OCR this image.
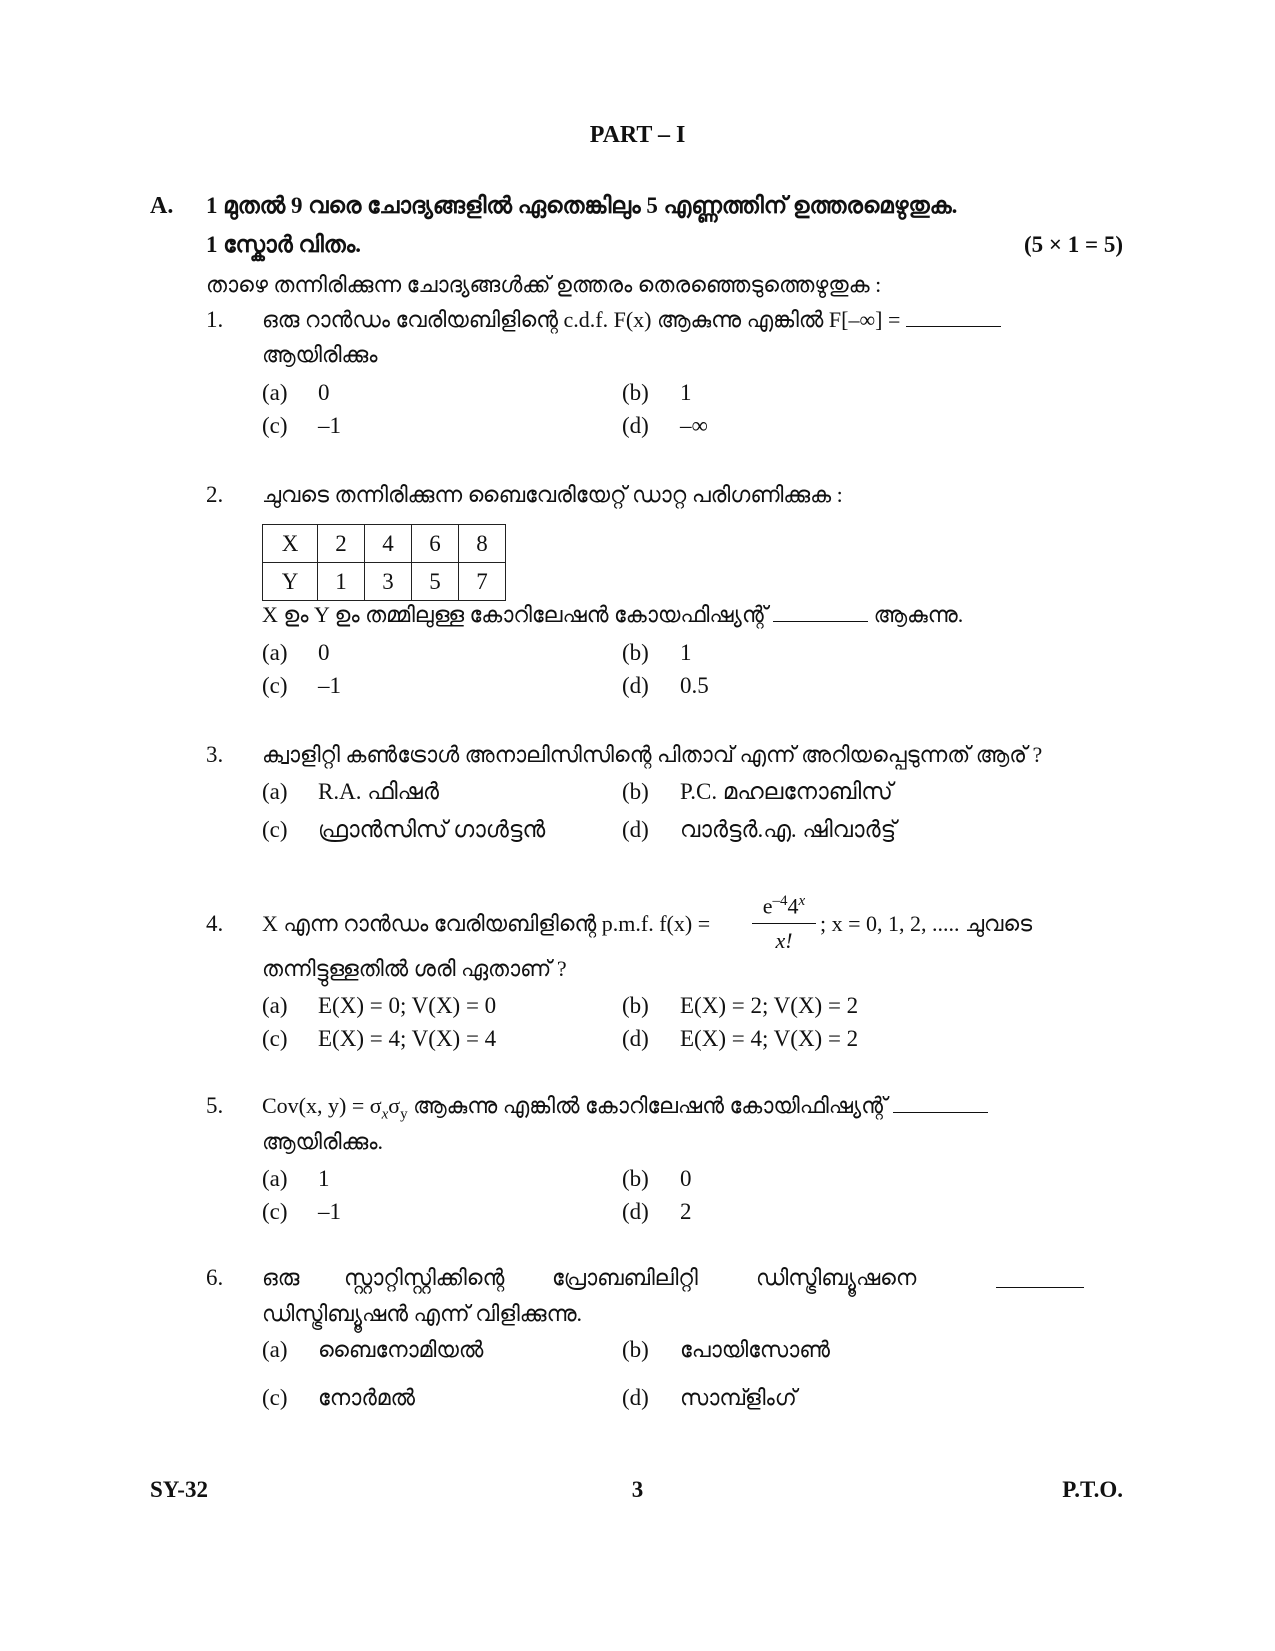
PART – I
A. 1 മുതൽ 9 വരെ ചോദ്യങ്ങളിൽ ഏതെങ്കിലും 5 എണ്ണത്തിന് ഉത്തരമെഴുതുക.
1 സ്കോർ വിതം.	(5 × 1 = 5)
താഴെ തന്നിരിക്കുന്ന ചോദ്യങ്ങൾക്ക് ഉത്തരം തെരഞ്ഞെടുത്തെഴുതുക :
1. ഒരു റാൻഡം വേരിയബിളിന്റെ c.d.f. F(x) ആകുന്നു എങ്കിൽ F[–∞] =
ആയിരിക്കും
(a) 0	(b) 1
(c) –1	(d) –∞
2. ചുവടെ തന്നിരിക്കുന്ന ബൈവേരിയേറ്റ് ഡാറ്റ പരിഗണിക്കുക :
X	2	4	6	8
Y	1	3	5	7
X ഉം Y ഉം തമ്മിലുള്ള കോറിലേഷൻ കോയഫിഷ്യന്റ്	ആകുന്നു.
(a) 0	(b) 1
(c) –1	(d) 0.5
3. ക്വാളിറ്റി കൺട്രോൾ അനാലിസിസിന്റെ പിതാവ് എന്ന് അറിയപ്പെടുന്നത് ആര് ?
(a) R.A. ഫിഷർ	(b) P.C. മഹലനോബിസ്
(c) ഫ്രാൻസിസ് ഗാൾട്ടൻ	(d) വാർട്ടർ.എ. ഷിവാർട്ട്
4. X എന്ന റാൻഡം വേരിയബിളിന്റെ p.m.f. $f(x) = \frac{e^{-4}4^x}{x!}$ ; x = 0, 1, 2, ..... ചുവടെ
തന്നിട്ടുള്ളതിൽ ശരി ഏതാണ് ?
(a) E(X) = 0; V(X) = 0	(b) E(X) = 2; V(X) = 2
(c) E(X) = 4; V(X) = 4	(d) E(X) = 4; V(X) = 2
5. Cov(x, $y) = \sigma_x\sigma_y$ ആകുന്നു എങ്കിൽ കോറിലേഷൻ കോയിഫിഷ്യന്റ്
ആയിരിക്കും.
(a) 1	(b) 0
(c) –1	(d) 2
6. ഒരു സ്റ്റാറ്റിസ്റ്റിക്കിന്റെ പ്രോബബിലിറ്റി	ഡിസ്ട്രിബ്യൂഷനെ
ഡിസ്ട്രിബ്യൂഷൻ എന്ന് വിളിക്കുന്നു.
(a) ബൈനോമിയൽ	(b) പോയിസോൺ
(c) നോർമൽ	(d) സാമ്പ്ളിംഗ്
SY-32	3	P.T.O.
